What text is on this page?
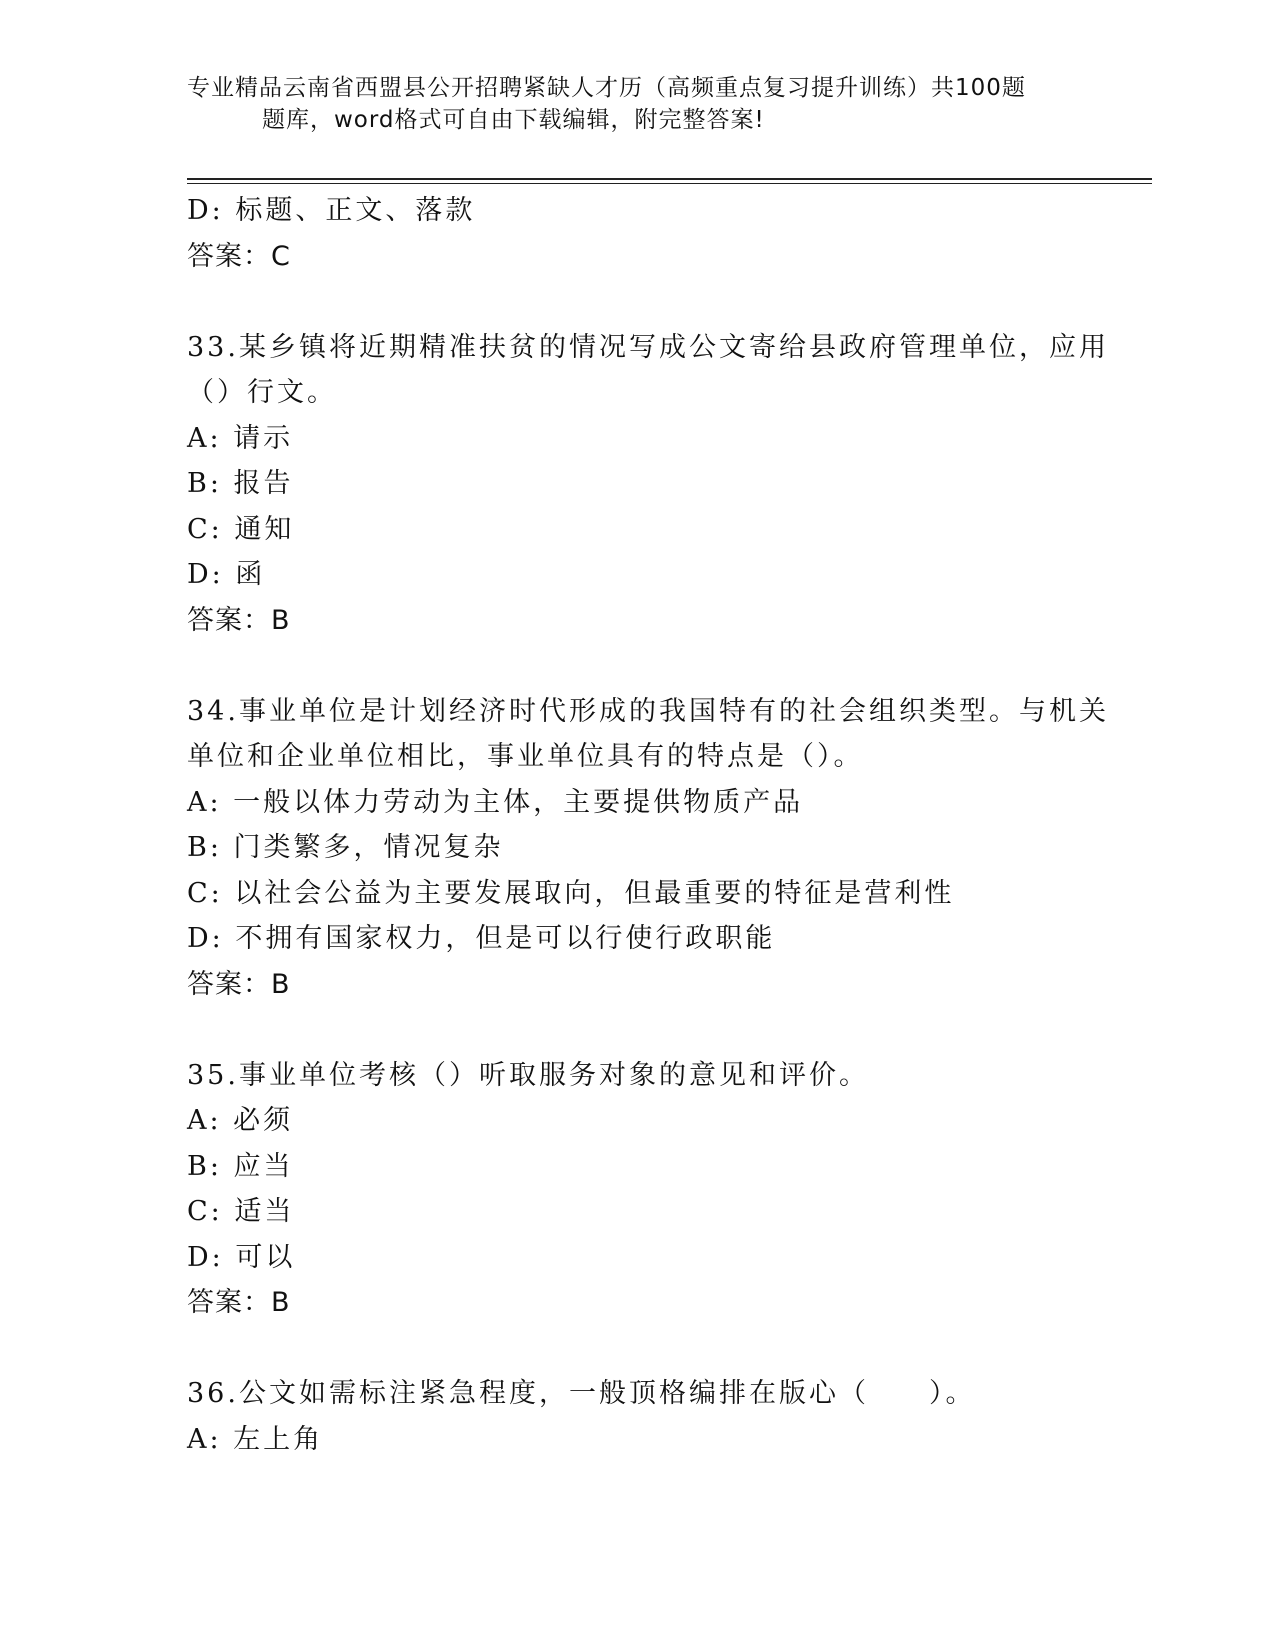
专业精品云南省西盟县公开招聘紧缺人才历（高频重点复习提升训练）共100题
题库，word格式可自由下载编辑，附完整答案!
D: 标题、正文、落款
答案：C
33.某乡镇将近期精准扶贫的情况写成公文寄给县政府管理单位，应用
（）行文。
A: 请示
B: 报告
C: 通知
D: 函
答案：B
34.事业单位是计划经济时代形成的我国特有的社会组织类型。与机关
单位和企业单位相比，事业单位具有的特点是（）。
A: 一般以体力劳动为主体，主要提供物质产品
B: 门类繁多，情况复杂
C: 以社会公益为主要发展取向，但最重要的特征是营利性
D: 不拥有国家权力，但是可以行使行政职能
答案：B
35.事业单位考核（）听取服务对象的意见和评价。
A: 必须
B: 应当
C: 适当
D: 可以
答案：B
36.公文如需标注紧急程度，一般顶格编排在版心（　　）。
A: 左上角
